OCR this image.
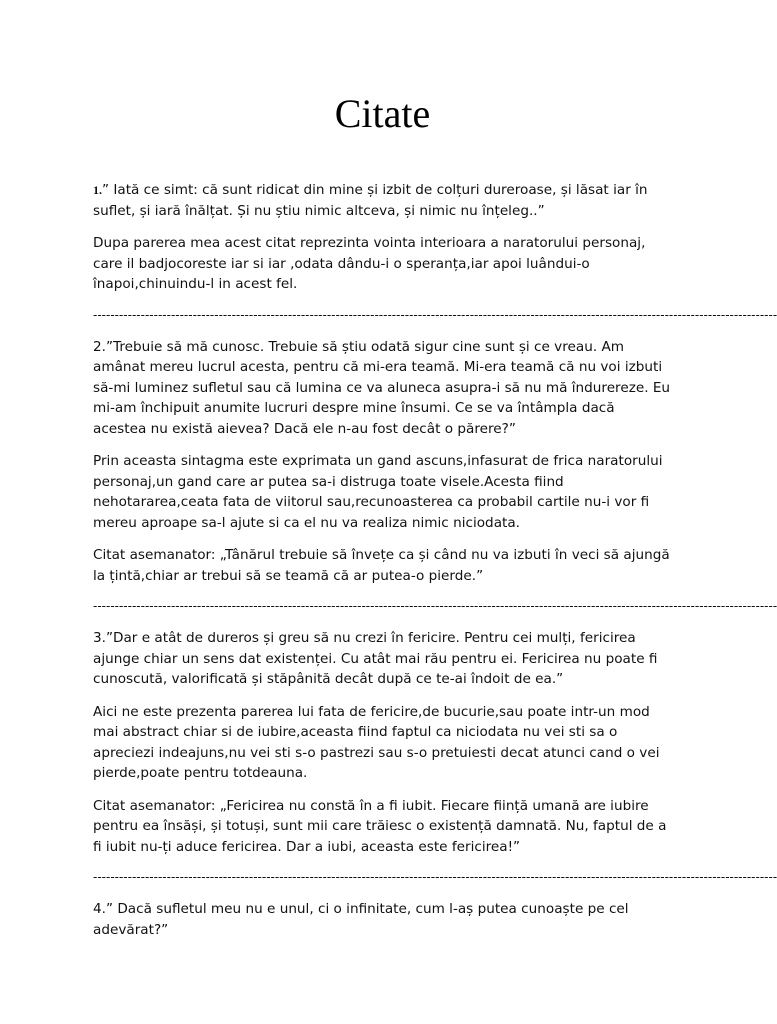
Citate

1.” Iată ce simt: că sunt ridicat din mine și izbit de colțuri dureroase, și lăsat iar în suflet, și iară înălțat. Și nu știu nimic altceva, și nimic nu înțeleg..”

Dupa parerea mea acest citat reprezinta vointa interioara a naratorului personaj, care il badjocoreste iar si iar ,odata dându-i o speranța,iar apoi luânduі-o înapoi,chinuindu-l in acest fel.

--------------------------------------------------------------------------------------------------------------------------------------------------------------

2.”Trebuie să mă cunosc. Trebuie să știu odată sigur cine sunt și ce vreau. Am amânat mereu lucrul acesta, pentru că mi-era teamă. Mi-era teamă că nu voi izbuti să-mi luminez sufletul sau că lumina ce va aluneca asupra-i să nu mă îndurereze. Eu mi-am închipuit anumite lucruri despre mine însumi. Ce se va întâmpla dacă acestea nu există aievea? Dacă ele n-au fost decât o părere?”

Prin aceasta sintagma este exprimata un gand ascuns,infasurat de frica naratorului personaj,un gand care ar putea sa-i distruga toate visele.Acesta fiind nehotararea,ceata fata de viitorul sau,recunoasterea ca probabil cartile nu-i vor fi mereu aproape sa-l ajute si ca el nu va realiza nimic niciodata.

Citat asemanator: „Tânărul trebuie să învețe ca și când nu va izbuti în veci să ajungă la țintă,chiar ar trebui să se teamă că ar putea-o pierde.”

--------------------------------------------------------------------------------------------------------------------------------------------------------------

3.”Dar e atât de dureros și greu să nu crezi în fericire. Pentru cei mulți, fericirea ajunge chiar un sens dat existenței. Cu atât mai rău pentru ei. Fericirea nu poate fi cunoscută, valorificată și stăpânită decât după ce te-ai îndoit de ea.”

Aici ne este prezenta parerea lui fata de fericire,de bucurie,sau poate intr-un mod mai abstract chiar si de iubire,aceasta fiind faptul ca niciodata nu vei sti sa o apreciezi indeajuns,nu vei sti s-o pastrezi sau s-o pretuiesti decat atunci cand o vei pierde,poate pentru totdeauna.

Citat asemanator: „Fericirea nu constă în a fi iubit. Fiecare ființă umană are iubire pentru ea însăși, și totuși, sunt mii care trăiesc o existență damnată. Nu, faptul de a fi iubit nu-ți aduce fericirea. Dar a iubi, aceasta este fericirea!”

--------------------------------------------------------------------------------------------------------------------------------------------------------------

4.” Dacă sufletul meu nu e unul, ci o infinitate, cum l-aș putea cunoaște pe cel adevărat?”
